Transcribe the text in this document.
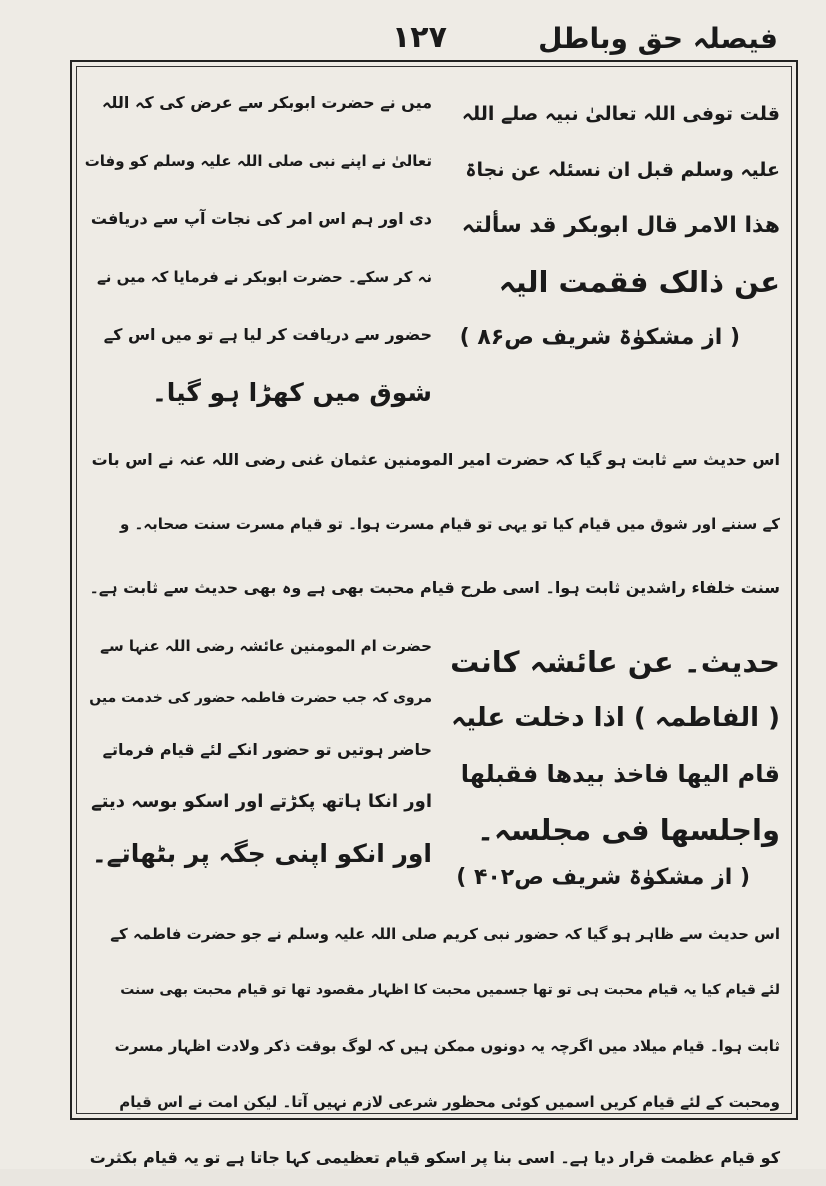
فیصلہ حق وباطل
۱۲۷
قلت توفی اللہ تعالیٰ نبیہ صلے اللہ
علیہ وسلم قبل ان نسئلہ عن نجاۃ
ھذا الامر قال ابوبکر قد سألتہ
عن ذالک فقمت الیہ
( از مشکوٰۃ شریف ص۸۶ )
میں نے حضرت ابوبکر سے عرض کی کہ اللہ
تعالیٰ نے اپنے نبی صلی اللہ علیہ وسلم کو وفات
دی اور ہم اس امر کی نجات آپ سے دریافت
نہ کر سکے۔ حضرت ابوبکر نے فرمایا کہ میں نے
حضور سے دریافت کر لیا ہے تو میں اس کے
شوق میں کھڑا ہو گیا۔
اس حدیث سے ثابت ہو گیا کہ حضرت امیر المومنین عثمان غنی رضی اللہ عنہ نے اس بات
کے سننے اور شوق میں قیام کیا تو یہی تو قیام مسرت ہوا۔ تو قیام مسرت سنت صحابہ۔ و
سنت خلفاء راشدین ثابت ہوا۔ اسی طرح قیام محبت بھی ہے وہ بھی حدیث سے ثابت ہے۔
حدیث۔ عن عائشہ کانت
( الفاطمہ ) اذا دخلت علیہ
قام الیھا فاخذ بیدھا فقبلھا
واجلسھا فی مجلسہ۔
( از مشکوٰۃ شریف ص۴۰۲ )
حضرت ام المومنین عائشہ رضی اللہ عنہا سے
مروی کہ جب حضرت فاطمہ حضور کی خدمت میں
حاضر ہوتیں تو حضور انکے لئے قیام فرماتے
اور انکا ہاتھ پکڑتے اور اسکو بوسہ دیتے
اور انکو اپنی جگہ پر بٹھاتے۔
اس حدیث سے ظاہر ہو گیا کہ حضور نبی کریم صلی اللہ علیہ وسلم نے جو حضرت فاطمہ کے
لئے قیام کیا یہ قیام محبت ہی تو تھا جسمیں محبت کا اظہار مقصود تھا تو قیام محبت بھی سنت
ثابت ہوا۔ قیام میلاد میں اگرچہ یہ دونوں ممکن ہیں کہ لوگ بوقت ذکر ولادت اظہار مسرت
ومحبت کے لئے قیام کریں اسمیں کوئی محظور شرعی لازم نہیں آتا۔ لیکن امت نے اس قیام
کو قیام عظمت قرار دیا ہے۔ اسی بنا پر اسکو قیام تعظیمی کہا جاتا ہے تو یہ قیام بکثرت
